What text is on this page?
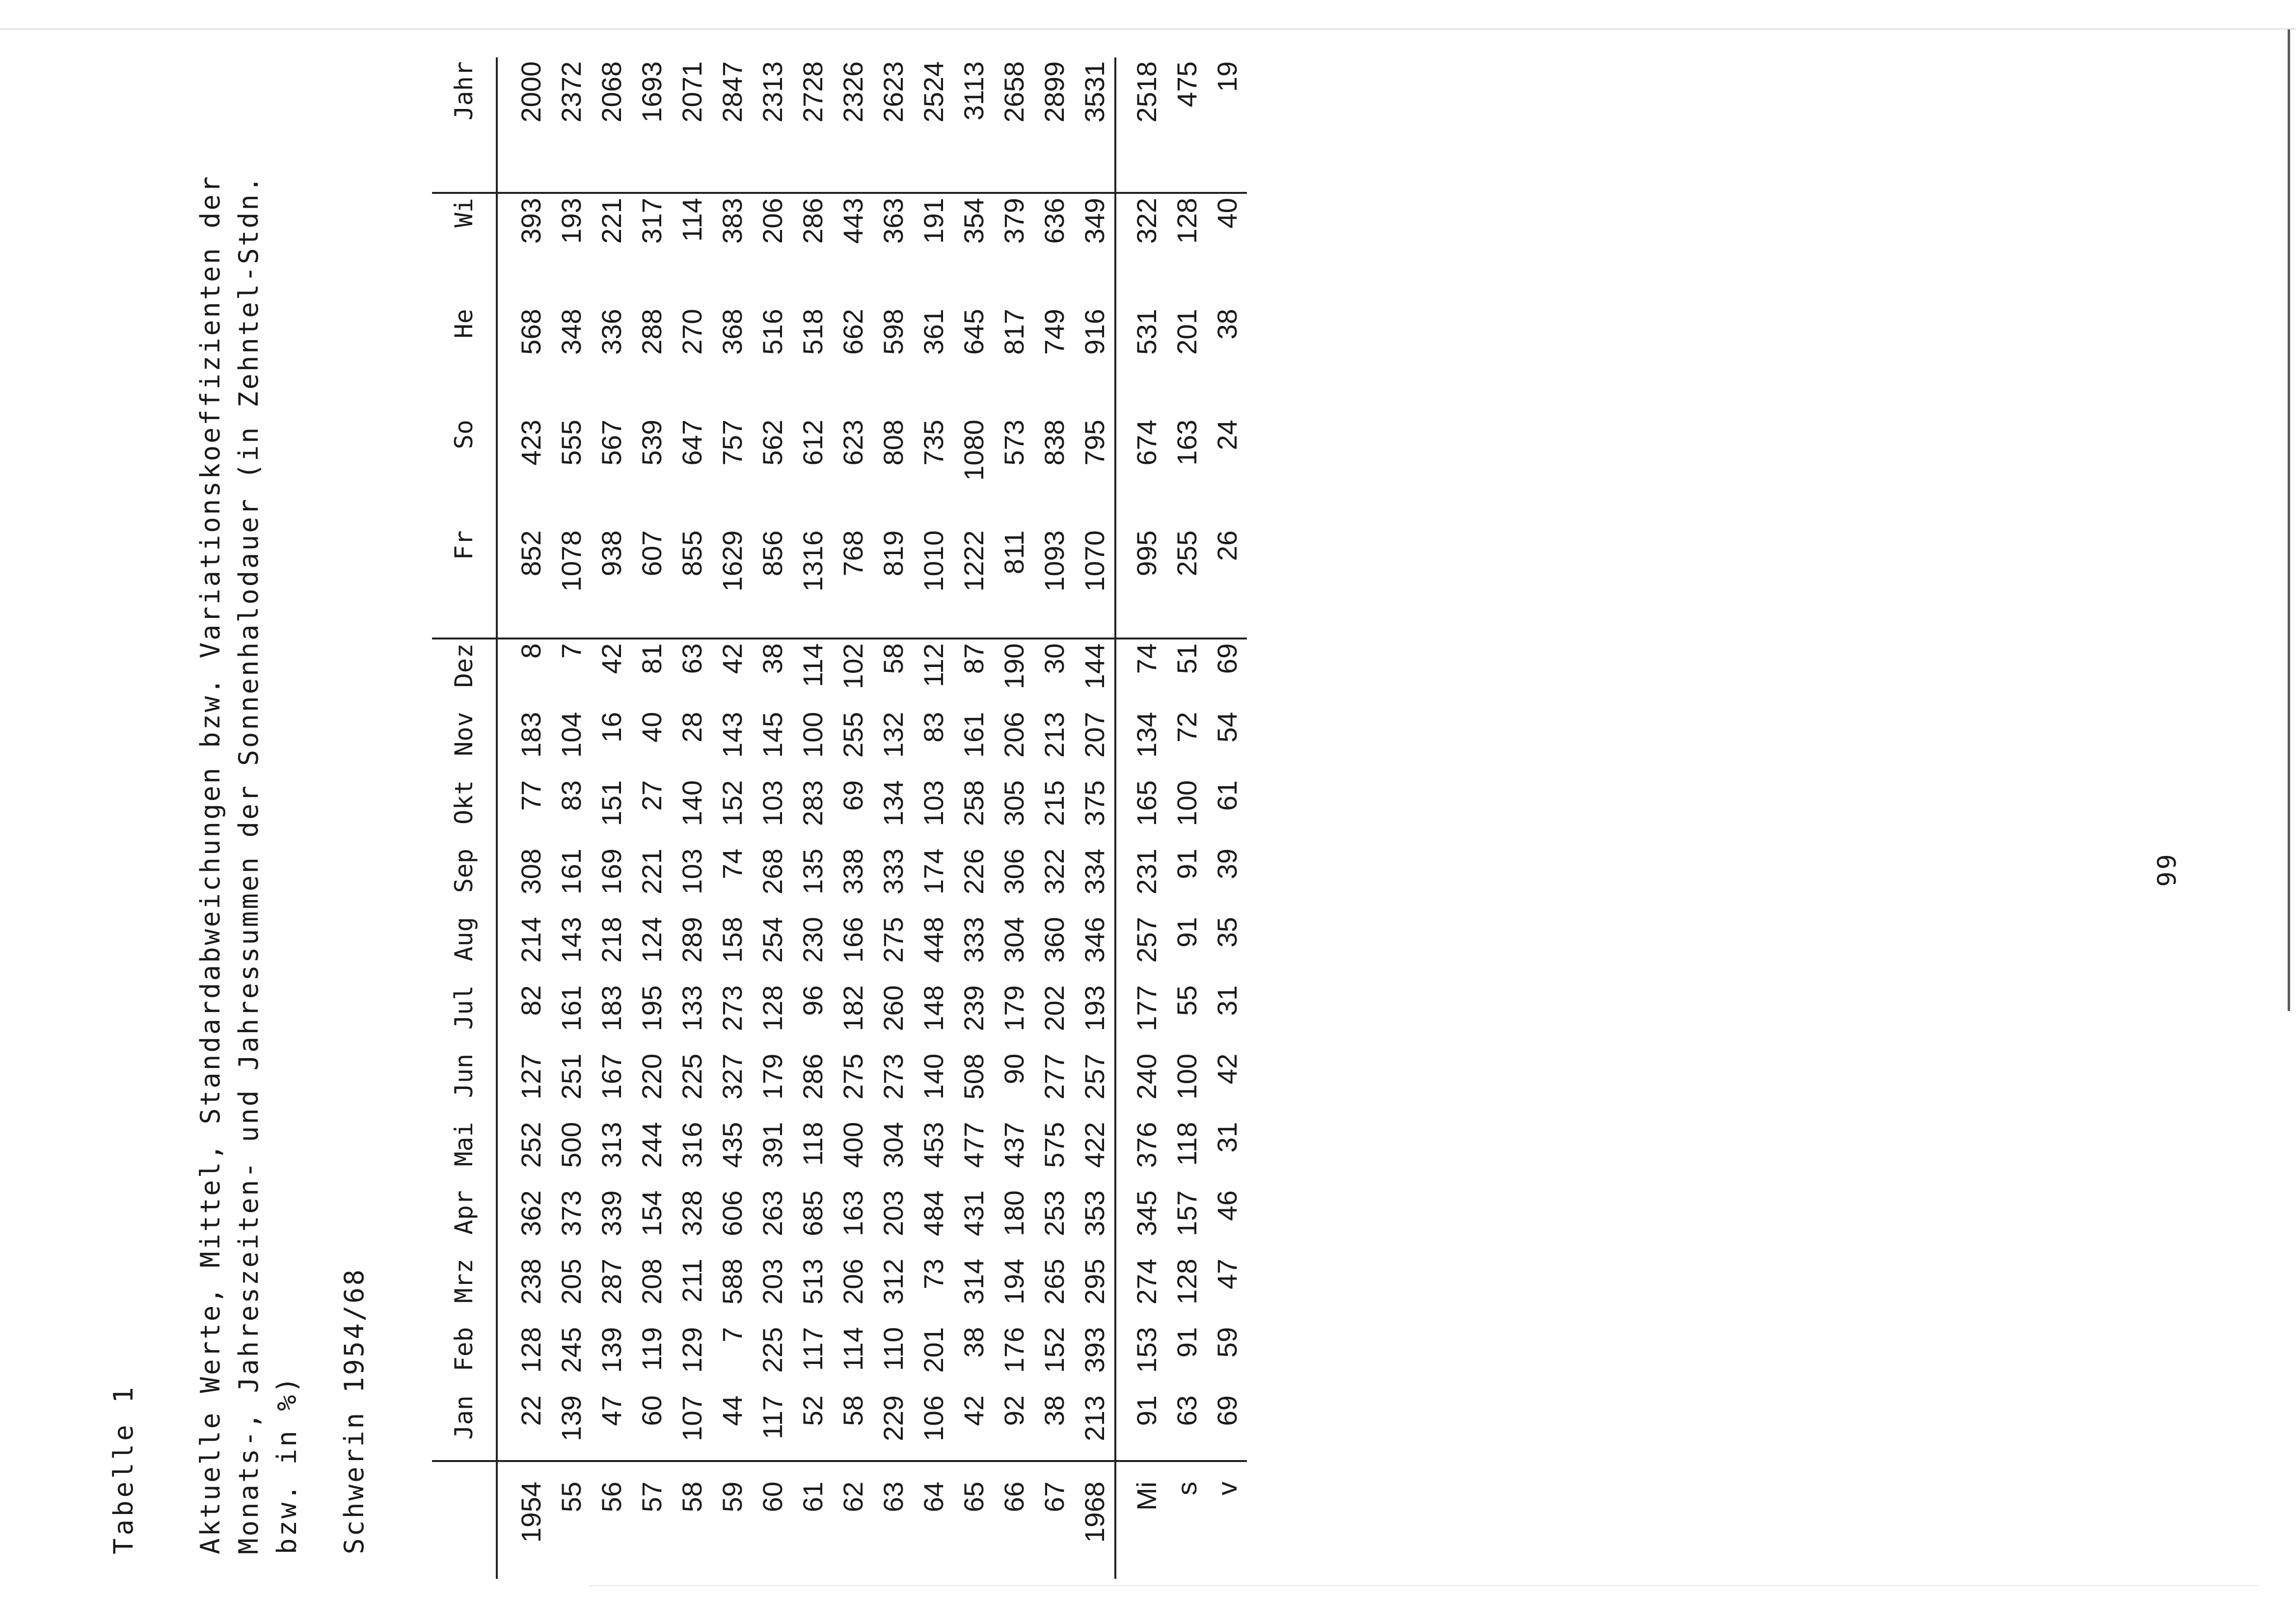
Tabelle 1 Aktuelle Werte, Mittel, Standardabweichungen bzw. Variationskoeffizienten der Monats-, Jahreszeiten- und Jahressummen der Sonnenhalodauer (in Zehntel-Stdn. bzw. in %) Schwerin 1954/68
		Jan	Feb	Mrz	Apr	Mai	Jun	Jul	Aug	Sep	Okt	Nov	Dez	Fr	So	He	Wi	Jahr
1954	22	128	238	362	252	127	82	214	308	77	183	8	852	423	568	393	2000
55	139	245	205	373	500	251	161	143	161	83	104	7	1078	555	348	193	2372
56	47	139	287	339	313	167	183	218	169	151	16	42	938	567	336	221	2068
57	60	119	208	154	244	220	195	124	221	27	40	81	607	539	288	317	1693
58	107	129	211	328	316	225	133	289	103	140	28	63	855	647	270	114	2071
59	44	7	588	606	435	327	273	158	74	152	143	42	1629	757	368	383	2847
60	117	225	203	263	391	179	128	254	268	103	145	38	856	562	516	206	2313
61	52	117	513	685	118	286	96	230	135	283	100	114	1316	612	518	286	2728
62	58	114	206	163	400	275	182	166	338	69	255	102	768	623	662	443	2326
63	229	110	312	203	304	273	260	275	333	134	132	58	819	808	598	363	2623
64	106	201	73	484	453	140	148	448	174	103	83	112	1010	735	361	191	2524
65	42	38	314	431	477	508	239	333	226	258	161	87	1222	1080	645	354	3113
66	92	176	194	180	437	90	179	304	306	305	206	190	811	573	817	379	2658
67	38	152	265	253	575	277	202	360	322	215	213	30	1093	838	749	636	2899
1968	213	393	295	353	422	257	193	346	334	375	207	144	1070	795	916	349	3531
Mi	91	153	274	345	376	240	177	257	231	165	134	74	995	674	531	322	2518
s	63	91	128	157	118	100	55	91	91	100	72	51	255	163	201	128	475
v	69	59	47	46	31	42	31	35	39	61	54	69	26	24	38	40	19
99
